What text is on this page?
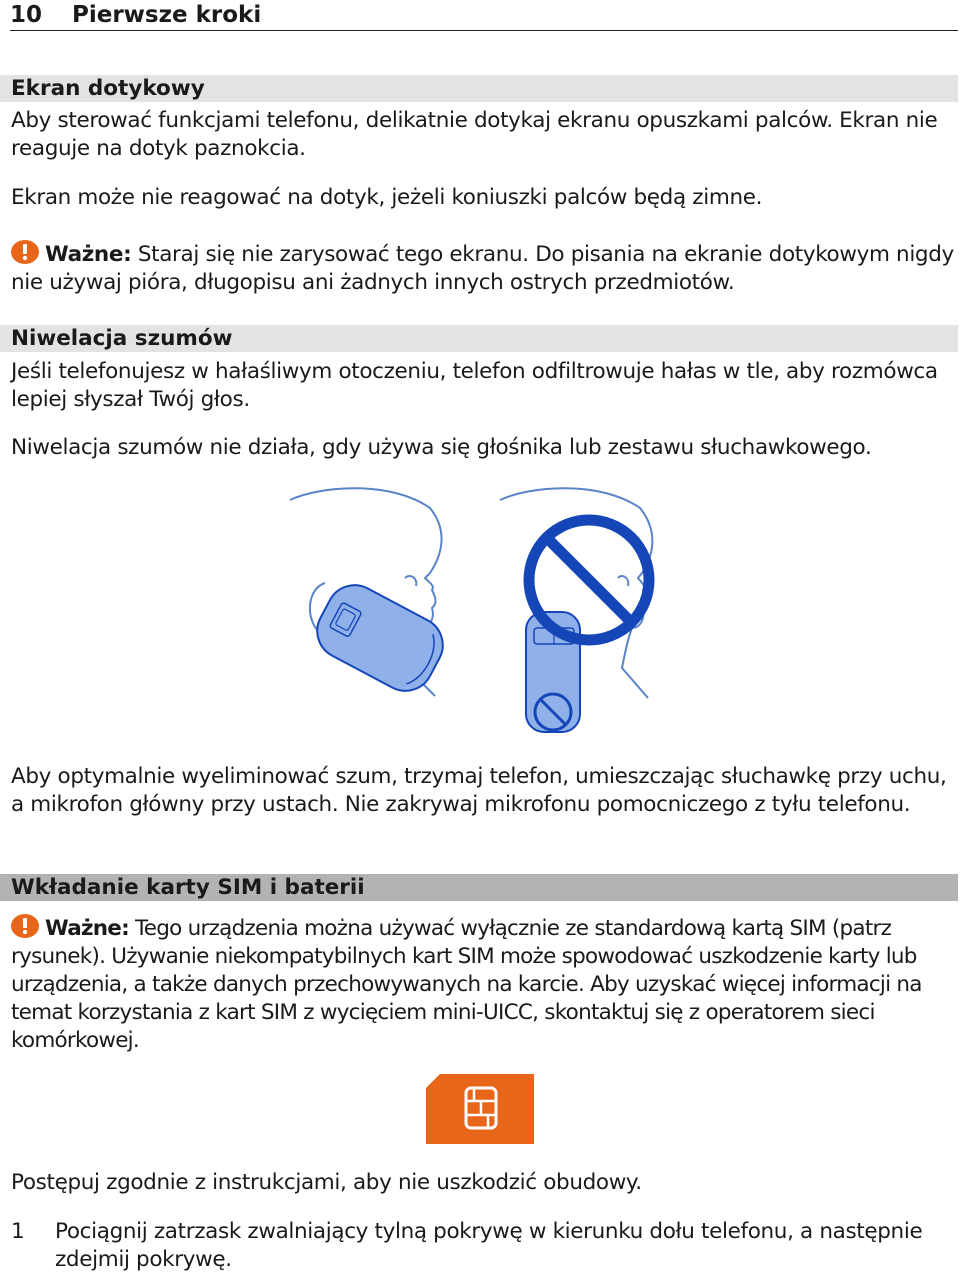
10 Pierwsze kroki
Ekran dotykowy

Aby sterować funkcjami telefonu, delikatnie dotykaj ekranu opuszkami palców. Ekran nie reaguje na dotyk paznokcia.

Ekran może nie reagować na dotyk, jeżeli koniuszki palców będą zimne.

Ważne: Staraj się nie zarysować tego ekranu. Do pisania na ekranie dotykowym nigdy nie używaj pióra, długopisu ani żadnych innych ostrych przedmiotów.

Niwelacja szumów

Jeśli telefonujesz w hałaśliwym otoczeniu, telefon odfiltrowuje hałas w tle, aby rozmówca lepiej słyszał Twój głos.

Niwelacja szumów nie działa, gdy używa się głośnika lub zestawu słuchawkowego.

Aby optymalnie wyeliminować szum, trzymaj telefon, umieszczając słuchawkę przy uchu, a mikrofon główny przy ustach. Nie zakrywaj mikrofonu pomocniczego z tyłu telefonu.

Wkładanie karty SIM i baterii

Ważne: Tego urządzenia można używać wyłącznie ze standardową kartą SIM (patrz rysunek). Używanie niekompatybilnych kart SIM może spowodować uszkodzenie karty lub urządzenia, a także danych przechowywanych na karcie. Aby uzyskać więcej informacji na temat korzystania z kart SIM z wycięciem mini-UICC, skontaktuj się z operatorem sieci komórkowej.

Postępuj zgodnie z instrukcjami, aby nie uszkodzić obudowy.

1 Pociągnij zatrzask zwalniający tylną pokrywę w kierunku dołu telefonu, a następnie zdejmij pokrywę.
